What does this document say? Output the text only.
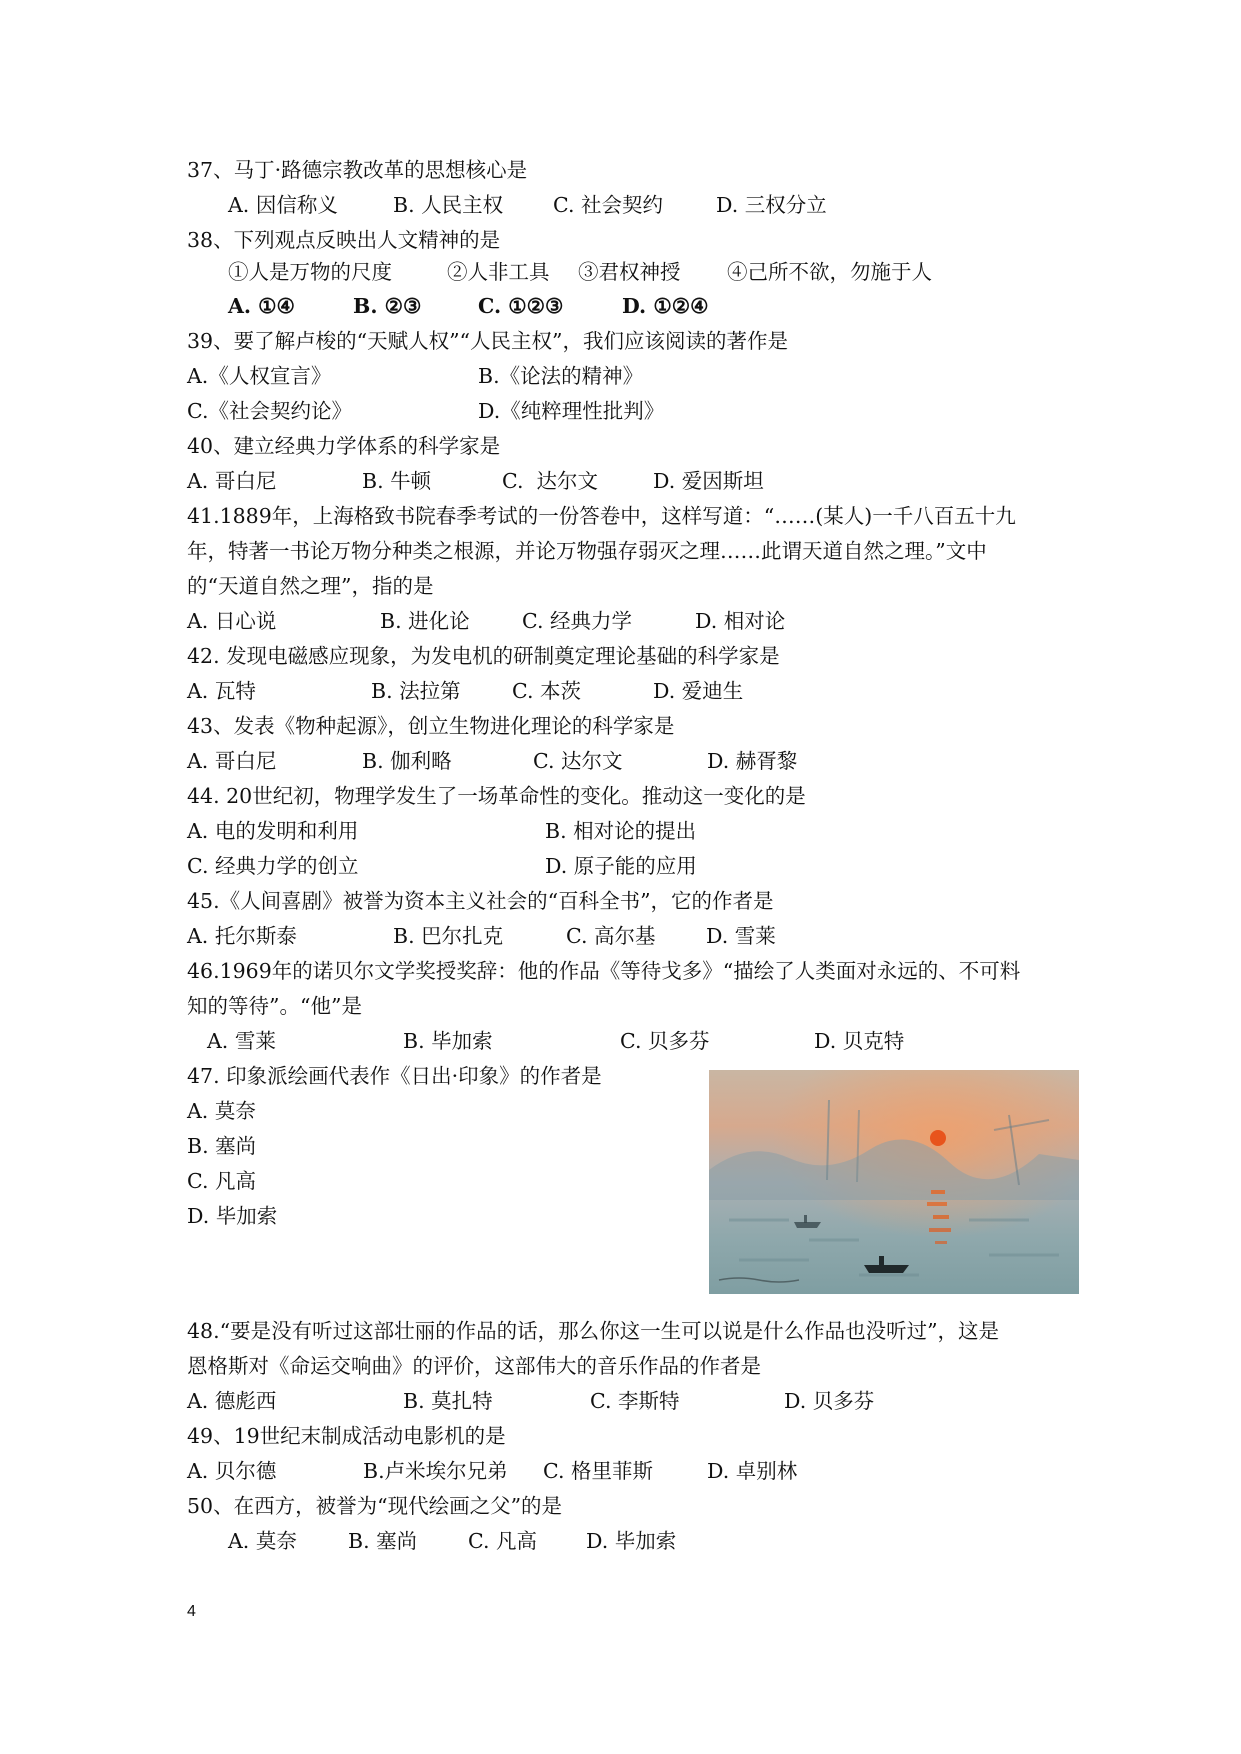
37、马丁·路德宗教改革的思想核心是
A. 因信称义	B. 人民主权 C. 社会契约	D. 三权分立
38、下列观点反映出人文精神的是
①人是万物的尺度	②人非工具 ③君权神授 ④己所不欲，勿施于人
A. ①④	B. ②③	C. ①②③	D. ①②④
39、要了解卢梭的“天赋人权”“人民主权”，我们应该阅读的著作是
A.《人权宣言》	B.《论法的精神》
C.《社会契约论》	D.《纯粹理性批判》
40、建立经典力学体系的科学家是
A. 哥白尼	B. 牛顿	C.  达尔文	D. 爱因斯坦
41.1889年，上海格致书院春季考试的一份答卷中，这样写道：“……(某人)一千八百五十九
年，特著一书论万物分种类之根源，并论万物强存弱灭之理……此谓天道自然之理。”文中
的“天道自然之理”，指的是
A. 日心说	B. 进化论	C. 经典力学	D. 相对论
42. 发现电磁感应现象，为发电机的研制奠定理论基础的科学家是
A. 瓦特	B. 法拉第	C. 本茨	D. 爱迪生
43、发表《物种起源》，创立生物进化理论的科学家是
A. 哥白尼	B. 伽利略	C. 达尔文	D. 赫胥黎
44. 20世纪初，物理学发生了一场革命性的变化。推动这一变化的是
A. 电的发明和利用	B. 相对论的提出
C. 经典力学的创立	D. 原子能的应用
45.《人间喜剧》被誉为资本主义社会的“百科全书”，它的作者是
A. 托尔斯泰	B. 巴尔扎克	C. 高尔基 D. 雪莱
46.1969年的诺贝尔文学奖授奖辞：他的作品《等待戈多》“描绘了人类面对永远的、不可料
知的等待”。“他”是
A. 雪莱	B. 毕加索	C. 贝多芬	D. 贝克特
47. 印象派绘画代表作《日出·印象》的作者是
A. 莫奈
B. 塞尚
C. 凡高
D. 毕加索
48.“要是没有听过这部壮丽的作品的话，那么你这一生可以说是什么作品也没听过”，这是
恩格斯对《命运交响曲》的评价，这部伟大的音乐作品的作者是
A. 德彪西	B. 莫扎特	C. 李斯特	D. 贝多芬
49、19世纪末制成活动电影机的是
A. 贝尔德	B.卢米埃尔兄弟 C. 格里菲斯	D. 卓别林
50、在西方，被誉为“现代绘画之父”的是
A. 莫奈 B. 塞尚 C. 凡高 D. 毕加索
4
